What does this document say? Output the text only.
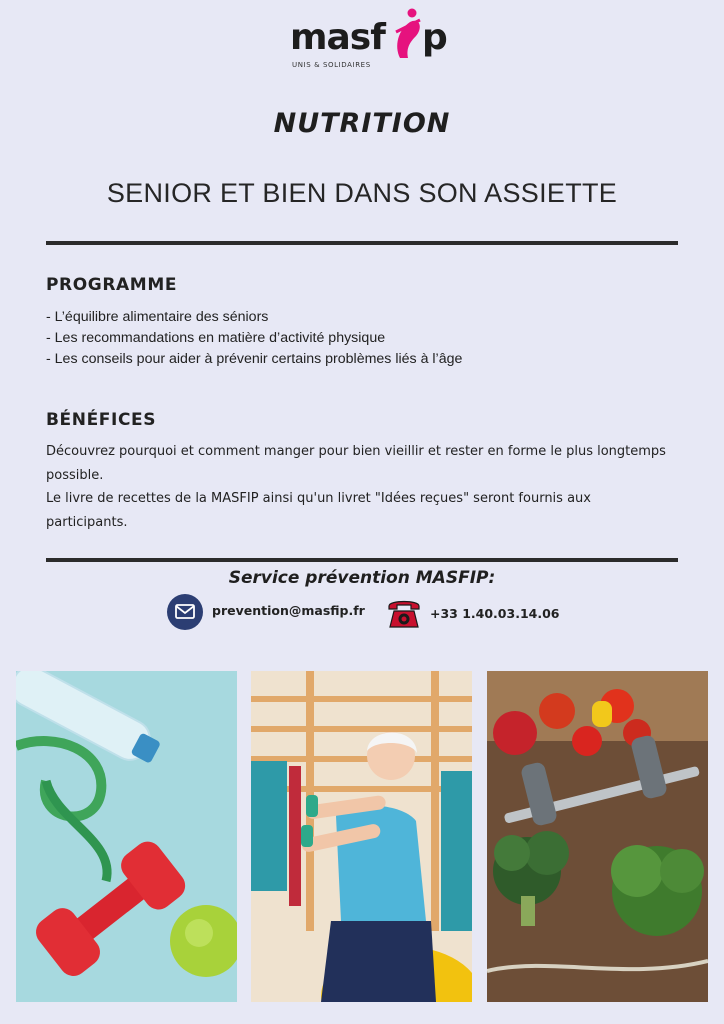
masf p
UNIS & SOLIDAIRES
NUTRITION
SENIOR ET BIEN DANS SON ASSIETTE
PROGRAMME
- L’équilibre alimentaire des séniors
- Les recommandations en matière d’activité physique
- Les conseils pour aider à prévenir certains problèmes liés à l’âge
BÉNÉFICES

Découvrez pourquoi et comment manger pour bien vieillir et rester en forme le plus longtemps possible.

Le livre de recettes de la MASFIP ainsi qu'un livret "Idées reçues" seront fournis aux participants.

Service prévention MASFIP:
prevention@masfip.fr	+33 1.40.03.14.06
